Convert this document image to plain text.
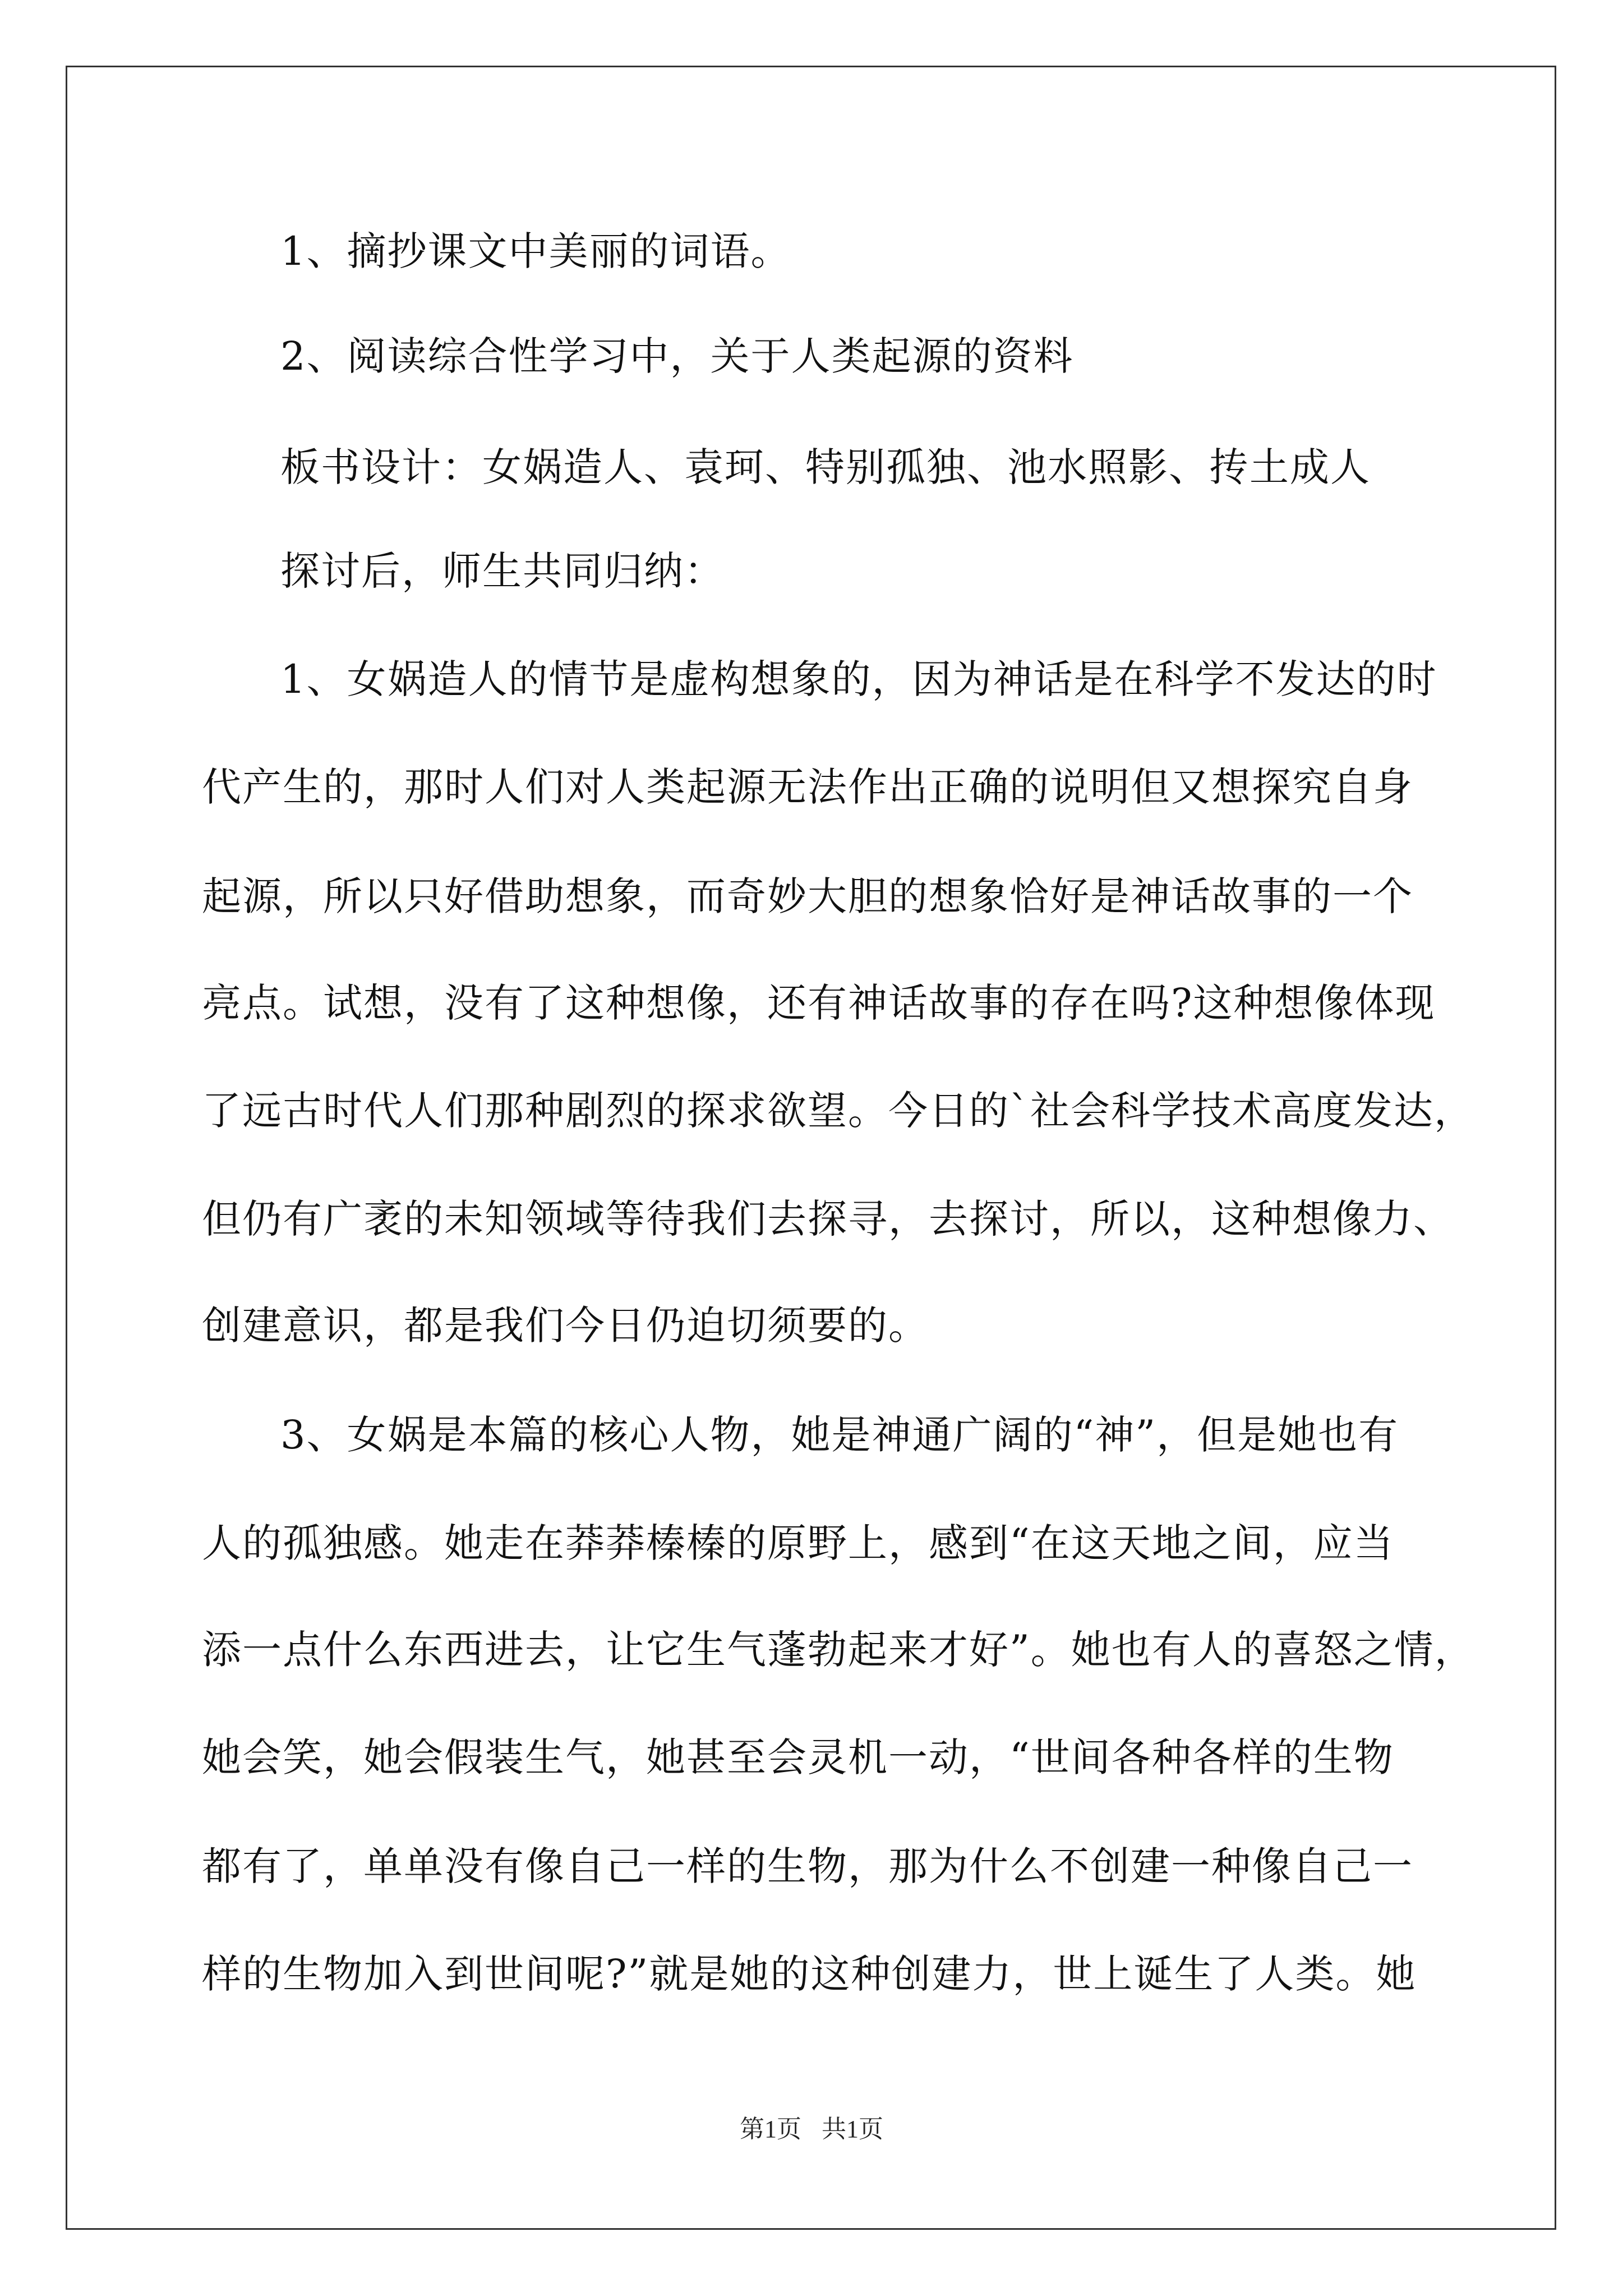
1、摘抄课文中美丽的词语。
2、阅读综合性学习中，关于人类起源的资料
板书设计：女娲造人、袁珂、特别孤独、池水照影、抟土成人
探讨后，师生共同归纳：
1、女娲造人的情节是虚构想象的，因为神话是在科学不发达的时
代产生的，那时人们对人类起源无法作出正确的说明但又想探究自身
起源，所以只好借助想象，而奇妙大胆的想象恰好是神话故事的一个
亮点。试想，没有了这种想像，还有神话故事的存在吗?这种想像体现
了远古时代人们那种剧烈的探求欲望。今日的`社会科学技术高度发达，
但仍有广袤的未知领域等待我们去探寻，去探讨，所以，这种想像力、
创建意识，都是我们今日仍迫切须要的。
3、女娲是本篇的核心人物，她是神通广阔的“神”，但是她也有
人的孤独感。她走在莽莽榛榛的原野上，感到“在这天地之间，应当
添一点什么东西进去，让它生气蓬勃起来才好”。她也有人的喜怒之情，
她会笑，她会假装生气，她甚至会灵机一动，“世间各种各样的生物
都有了，单单没有像自己一样的生物，那为什么不创建一种像自己一
样的生物加入到世间呢?”就是她的这种创建力，世上诞生了人类。她
第1页 共1页
